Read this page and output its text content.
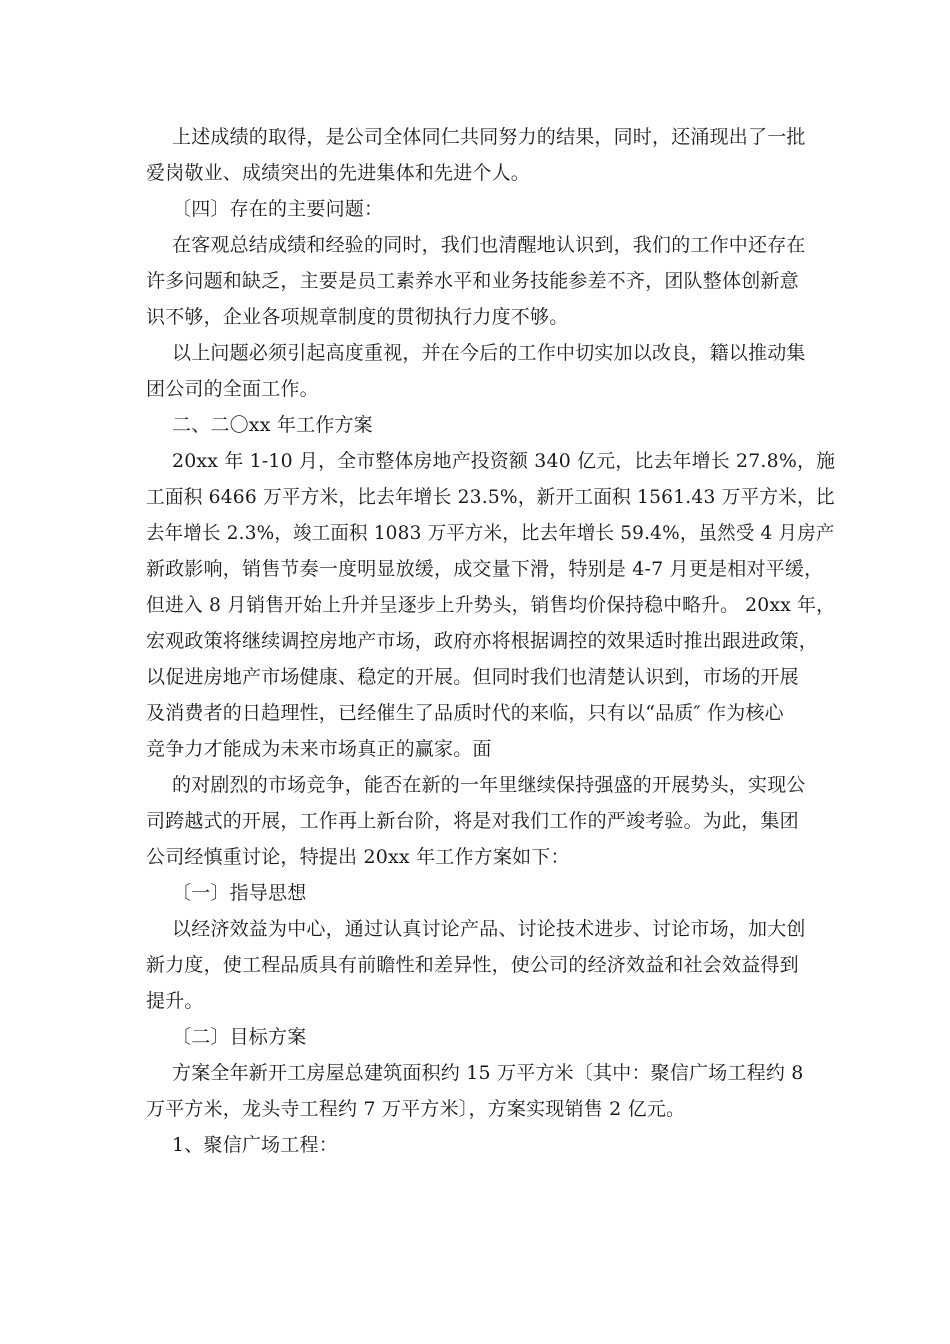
上述成绩的取得，是公司全体同仁共同努力的结果，同时，还涌现出了一批
爱岗敬业、成绩突出的先进集体和先进个人。
〔四〕存在的主要问题：
在客观总结成绩和经验的同时，我们也清醒地认识到，我们的工作中还存在
许多问题和缺乏，主要是员工素养水平和业务技能参差不齐，团队整体创新意
识不够，企业各项规章制度的贯彻执行力度不够。
以上问题必须引起高度重视，并在今后的工作中切实加以改良，籍以推动集
团公司的全面工作。
二、二〇xx 年工作方案
20xx 年 1-10 月，全市整体房地产投资额 340 亿元，比去年增长 27.8%，施
工面积 6466 万平方米，比去年增长 23.5%，新开工面积 1561.43 万平方米，比
去年增长 2.3%，竣工面积 1083 万平方米，比去年增长 59.4%，虽然受 4 月房产
新政影响，销售节奏一度明显放缓，成交量下滑，特别是 4-7 月更是相对平缓，
但进入 8 月销售开始上升并呈逐步上升势头，销售均价保持稳中略升。 20xx 年，
宏观政策将继续调控房地产市场，政府亦将根据调控的效果适时推出跟进政策，
以促进房地产市场健康、稳定的开展。但同时我们也清楚认识到，市场的开展
及消费者的日趋理性，已经催生了品质时代的来临，只有以“品质″ 作为核心
竞争力才能成为未来市场真正的赢家。面
的对剧烈的市场竞争，能否在新的一年里继续保持强盛的开展势头，实现公
司跨越式的开展，工作再上新台阶，将是对我们工作的严竣考验。为此，集团
公司经慎重讨论，特提出 20xx 年工作方案如下：
〔一〕指导思想
以经济效益为中心，通过认真讨论产品、讨论技术进步、讨论市场，加大创
新力度，使工程品质具有前瞻性和差异性，使公司的经济效益和社会效益得到
提升。
〔二〕目标方案
方案全年新开工房屋总建筑面积约 15 万平方米〔其中：聚信广场工程约 8
万平方米，龙头寺工程约 7 万平方米〕，方案实现销售 2 亿元。
1、聚信广场工程：
